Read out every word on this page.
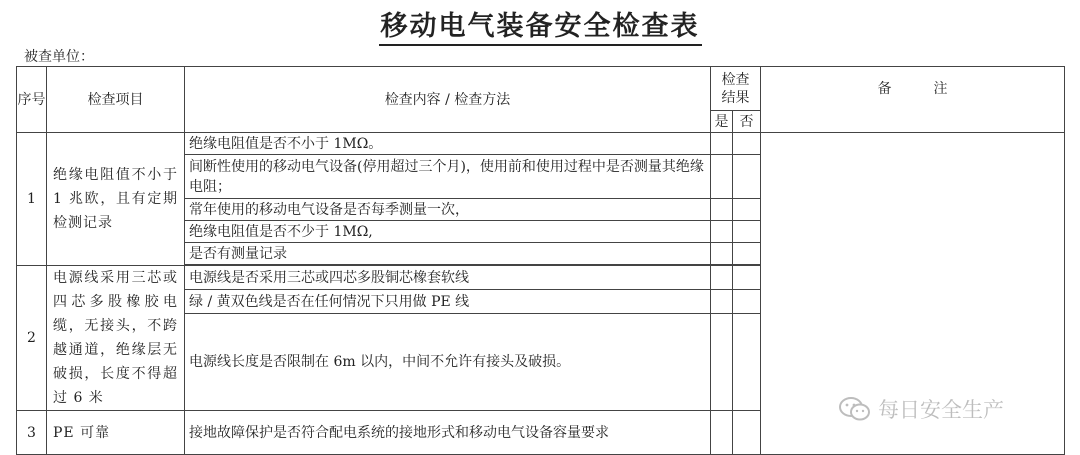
移动电气装备安全检查表
被查单位：
序号	检查项目	检查内容 / 检查方法	检查结果		备　　　注
			是	否	
1	绝缘电阻值不小于 1 兆欧，且有定期检测记录	绝缘电阻值是否不小于 1MΩ。			
		间断性使用的移动电气设备(停用超过三个月)，使用前和使用过程中是否测量其绝缘电阻；			
		常年使用的移动电气设备是否每季测量一次，			
		绝缘电阻值是否不少于 1MΩ,			
		是否有测量记录			

2	电源线采用三芯或四芯多股橡胶电缆，无接头，不跨越通道，绝缘层无破损，长度不得超过 6 米	电源线是否采用三芯或四芯多股铜芯橡套软线			
		绿 / 黄双色线是否在任何情况下只用做 PE 线			
		电源线长度是否限制在 6m 以内，中间不允许有接头及破损。			
3	PE 可靠	接地故障保护是否符合配电系统的接地形式和移动电气设备容量要求			
每日安全生产
